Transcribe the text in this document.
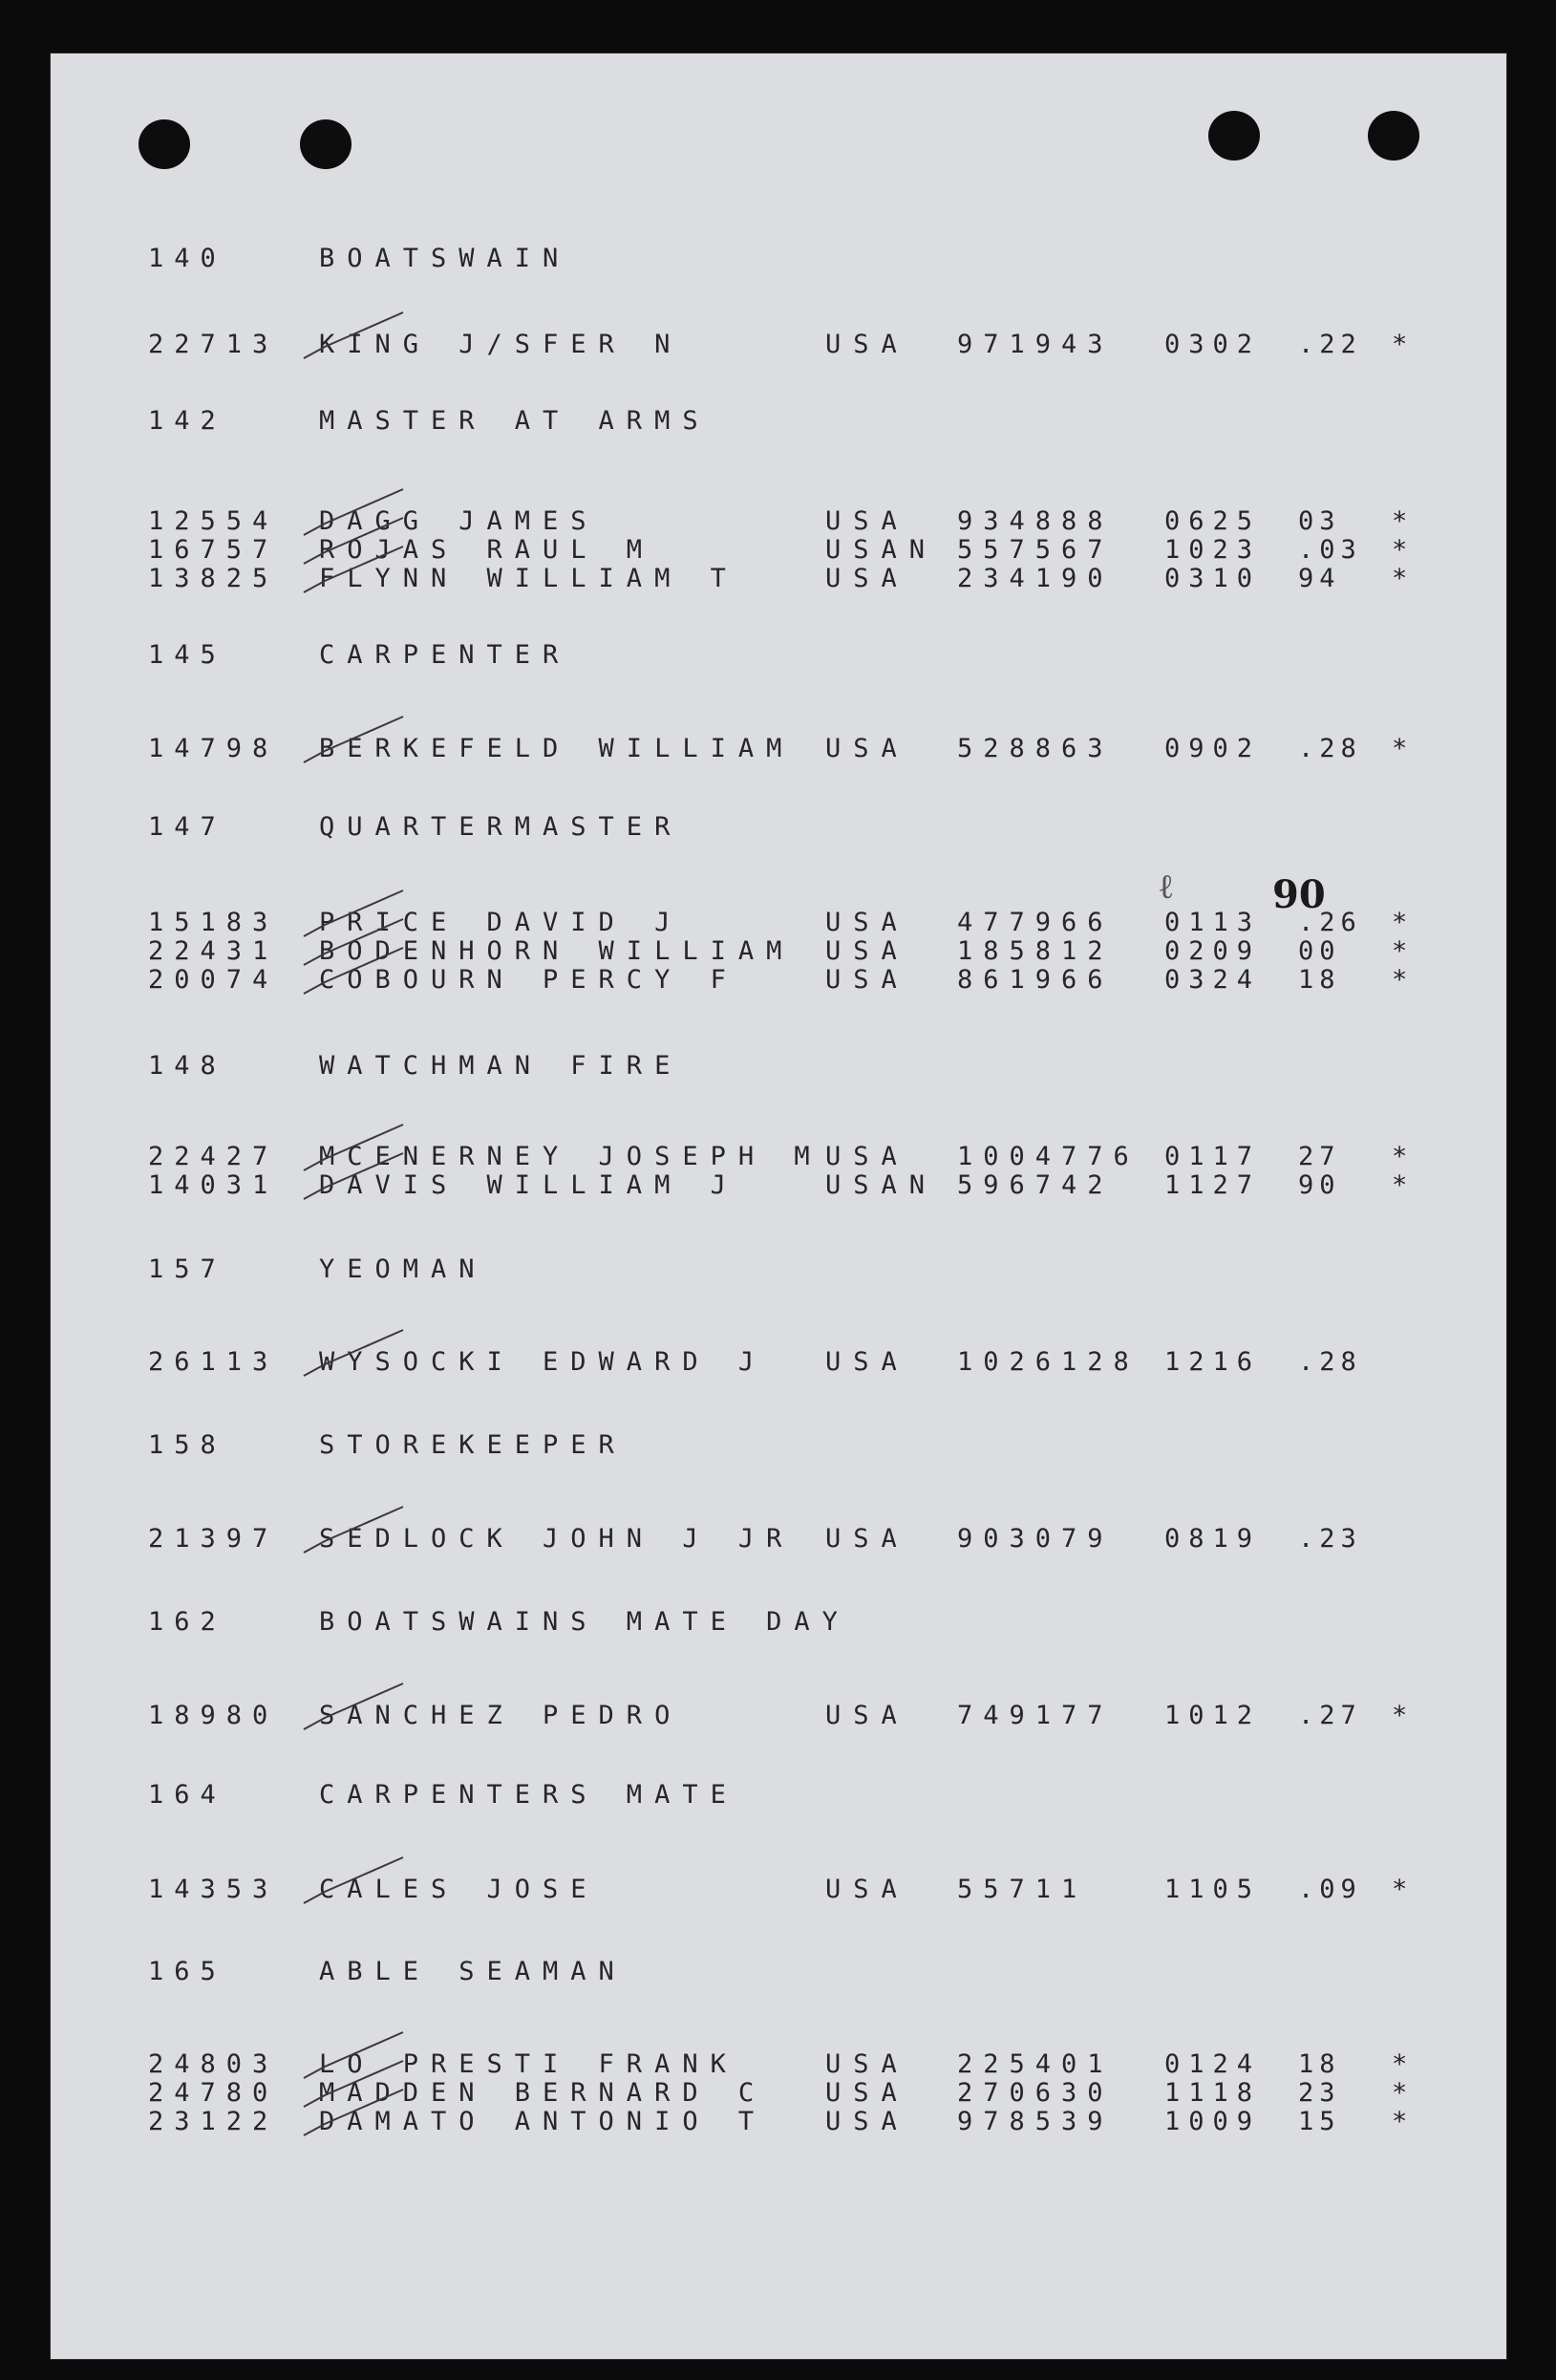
140	BOATSWAIN
22713 KING J/SFER N	USA 971943 0302 .22 *
142	MASTER AT ARMS
12554 DAGG JAMES	USA 934888 0625 03 *
16757 ROJAS RAUL M	USAN 557567 1023 .03 *
13825 FLYNN WILLIAM T	USA 234190 0310 94 *
145	CARPENTER
14798 BERKEFELD WILLIAM USA 528863 0902 .28 *
147	QUARTERMASTER
15183 PRICE DAVID J	USA 477966 0113 .26 *
22431 BODENHORN WILLIAM USA 185812 0209 00 *
20074 COBOURN PERCY F	USA 861966 0324 18 *
148	WATCHMAN FIRE
22427 MCENERNEY JOSEPH M USA 1004776 0117 27 *
14031 DAVIS WILLIAM J	USAN 596742 1127 90 *
157	YEOMAN
26113 WYSOCKI EDWARD J USA 1026128 1216 .28
158	STOREKEEPER
21397 SEDLOCK JOHN J JR USA 903079 0819 .23
162	BOATSWAINS MATE DAY
18980 SANCHEZ PEDRO	USA 749177 1012 .27 *
164	CARPENTERS MATE
14353 CALES JOSE	USA 55711	1105 .09 *
165	ABLE SEAMAN
24803 LO PRESTI FRANK	USA 225401 0124 18 *
24780 MADDEN BERNARD C USA 270630 1118 23 *
23122 DAMATO ANTONIO T USA 978539 1009 15 *
ℓ	90
